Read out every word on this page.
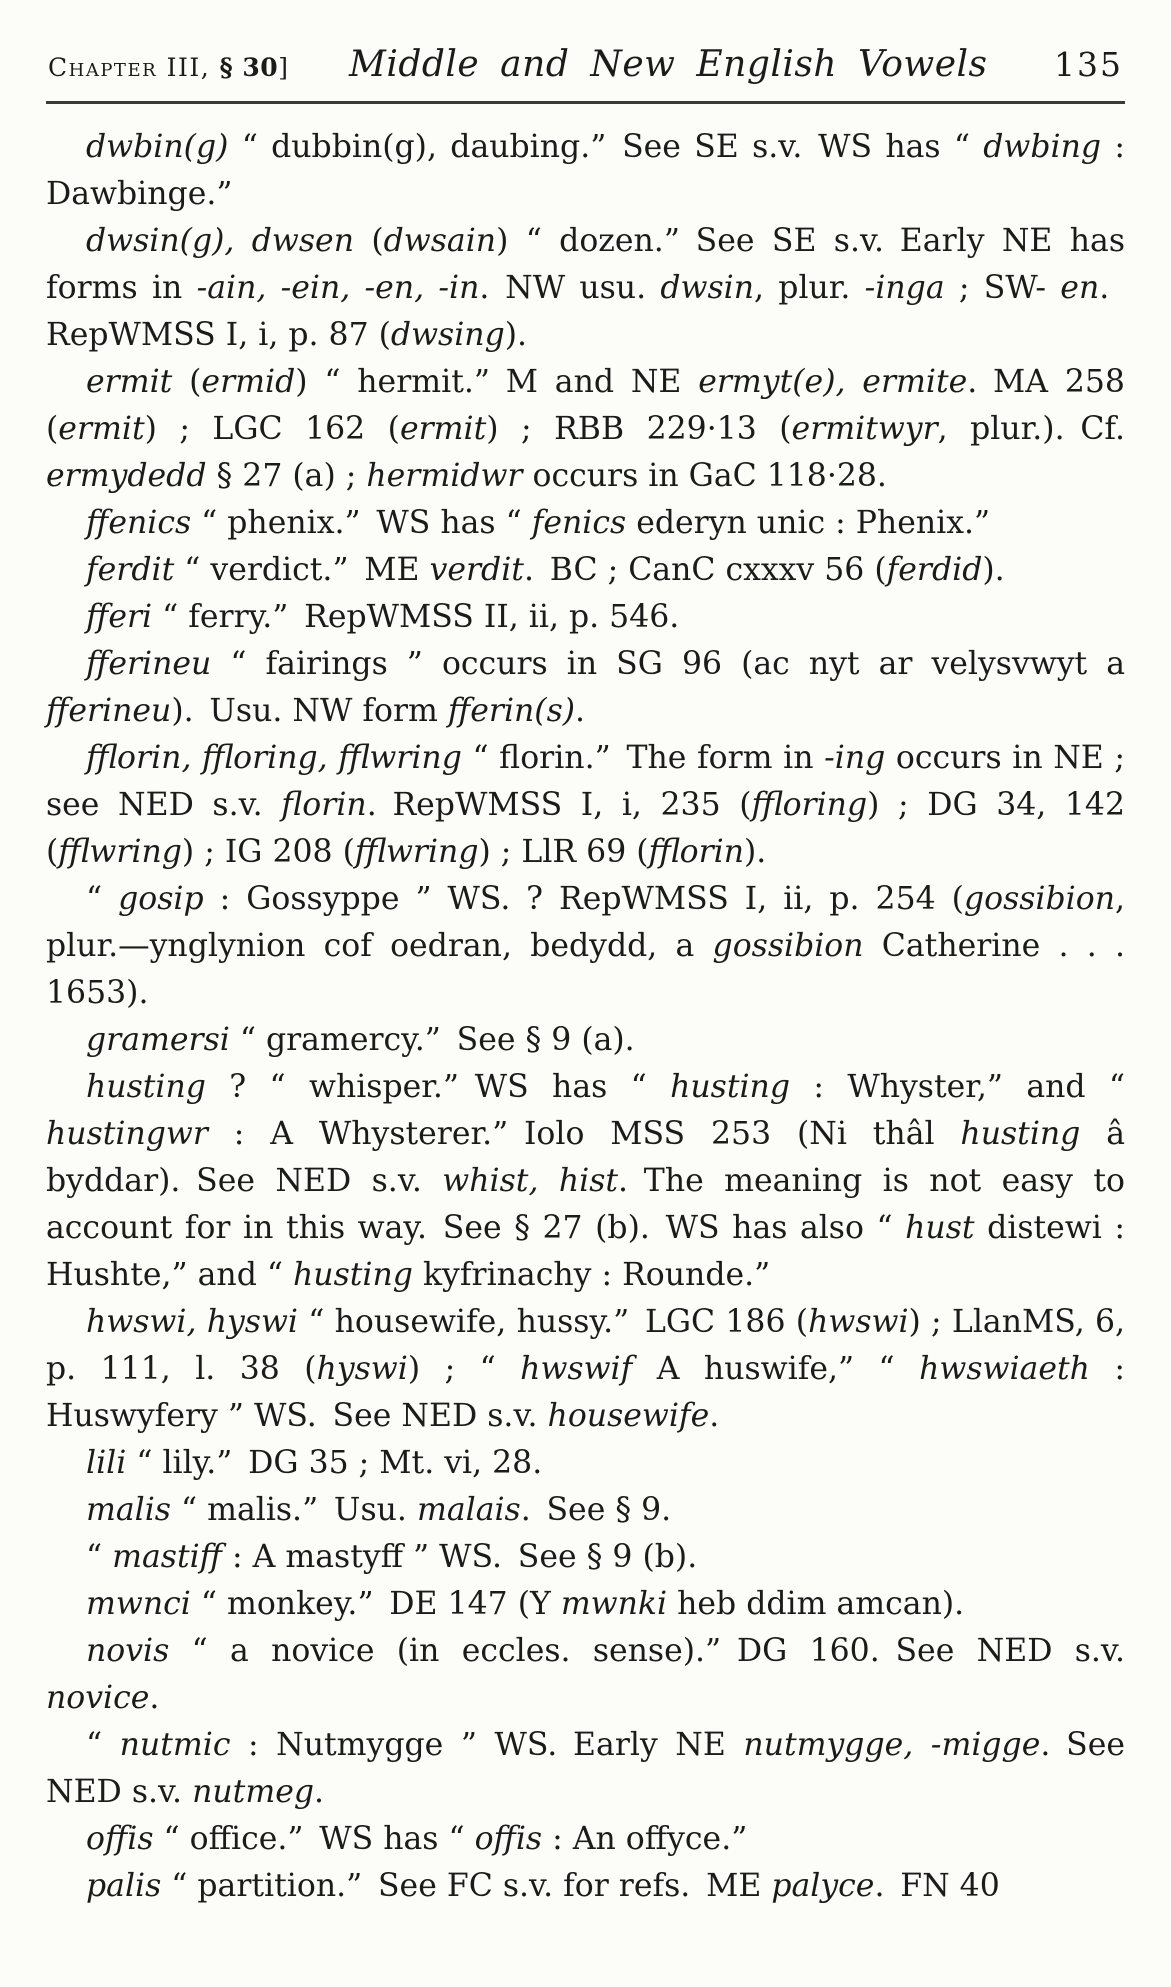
Chapter III, § 30]	Middle and New English Vowels	135

dwbin(g) “ dubbin(g), daubing.” See SE s.v. WS has “ dwbing : Dawbinge.”

dwsin(g), dwsen (dwsain) “ dozen.” See SE s.v. Early NE has forms in -ain, -ein, -en, -in. NW usu. dwsin, plur. -inga ; SW- en. RepWMSS I, i, p. 87 (dwsing).

ermit (ermid) “ hermit.” M and NE ermyt(e), ermite. MA 258 (ermit) ; LGC 162 (ermit) ; RBB 229·13 (ermitwyr, plur.). Cf. ermydedd § 27 (a) ; hermidwr occurs in GaC 118·28.

ffenics “ phenix.” WS has “ fenics ederyn unic : Phenix.”

ferdit “ verdict.” ME verdit. BC ; CanC cxxxv 56 (ferdid).

fferi “ ferry.” RepWMSS II, ii, p. 546.

fferineu “ fairings ” occurs in SG 96 (ac nyt ar velysvwyt a fferineu). Usu. NW form fferin(s).

fflorin, ffloring, fflwring “ florin.” The form in -ing occurs in NE ; see NED s.v. florin. RepWMSS I, i, 235 (ffloring) ; DG 34, 142 (fflwring) ; IG 208 (fflwring) ; LlR 69 (fflorin).

“ gosip : Gossyppe ” WS. ? RepWMSS I, ii, p. 254 (gossibion, plur.—ynglynion cof oedran, bedydd, a gossibion Catherine . . . 1653).

gramersi “ gramercy.” See § 9 (a).

husting ? “ whisper.” WS has “ husting : Whyster,” and “ hustingwr : A Whysterer.” Iolo MSS 253 (Ni thâl husting â byddar). See NED s.v. whist, hist. The meaning is not easy to account for in this way. See § 27 (b). WS has also “ hust distewi : Hushte,” and “ husting kyfrinachy : Rounde.”

hwswi, hyswi “ housewife, hussy.” LGC 186 (hwswi) ; LlanMS, 6, p. 111, l. 38 (hyswi) ; “ hwswif A huswife,” “ hwswiaeth : Huswyfery ” WS. See NED s.v. housewife.

lili “ lily.” DG 35 ; Mt. vi, 28.

malis “ malis.” Usu. malais. See § 9.

“ mastiff : A mastyff ” WS. See § 9 (b).

mwnci “ monkey.” DE 147 (Y mwnki heb ddim amcan).

novis “ a novice (in eccles. sense).” DG 160. See NED s.v. novice.

“ nutmic : Nutmygge ” WS. Early NE nutmygge, -migge. See NED s.v. nutmeg.

offis “ office.” WS has “ offis : An offyce.”

palis “ partition.” See FC s.v. for refs. ME palyce. FN 40
